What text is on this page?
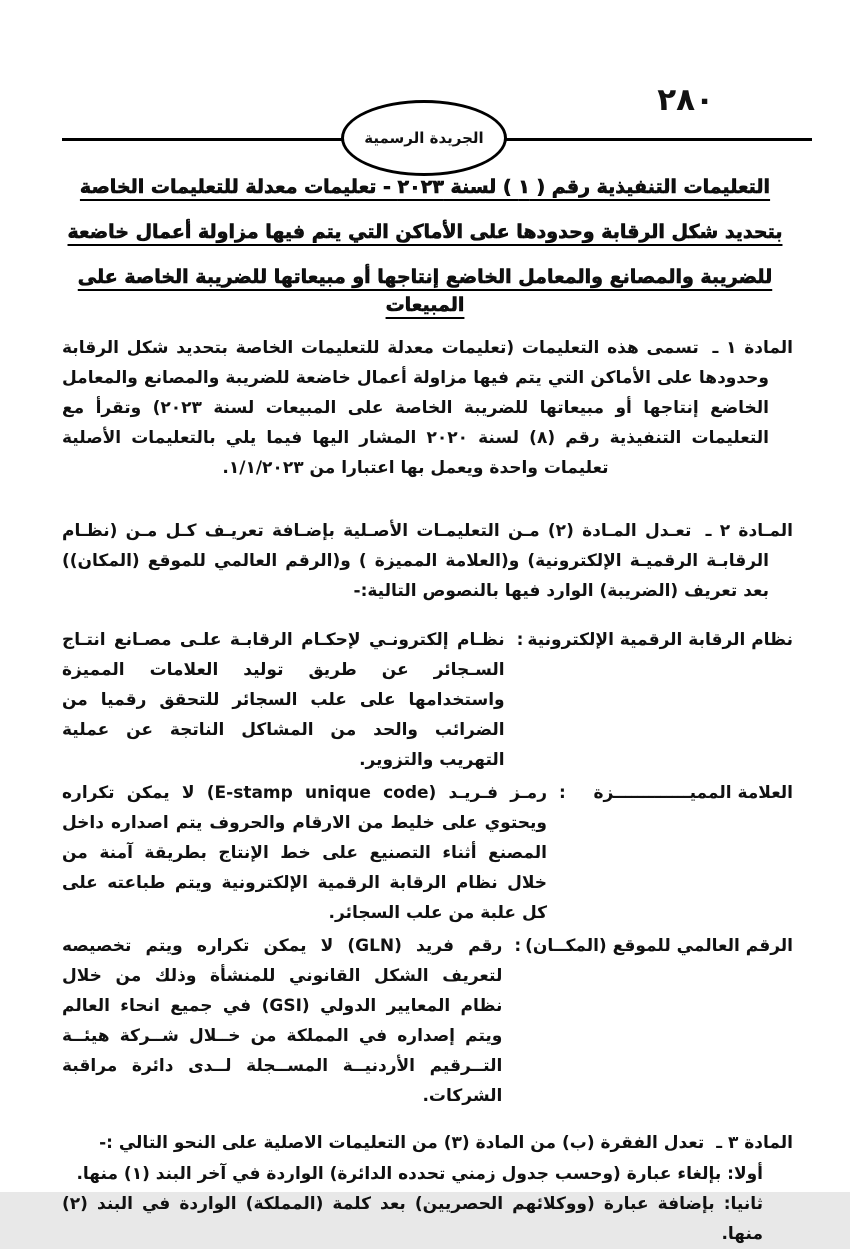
٢٨٠
الجريدة الرسمية
التعليمات التنفيذية رقم ( ١ ) لسنة ٢٠٢٣ - تعليمات معدلة للتعليمات الخاصة
بتحديد شكل الرقابة وحدودها على الأماكن التي يتم فيها مزاولة أعمال خاضعة
للضريبة والمصانع والمعامل الخاضع إنتاجها أو مبيعاتها للضريبة الخاصة على المبيعات

المادة ١ ـ تسمى هذه التعليمات (تعليمات معدلة للتعليمات الخاصة بتحديد شكل الرقابة وحدودها على الأماكن التي يتم فيها مزاولة أعمال خاضعة للضريبة والمصانع والمعامل الخاضع إنتاجها أو مبيعاتها للضريبة الخاصة على المبيعات لسنة ٢٠٢٣) وتقرأ مع التعليمات التنفيذية رقم (٨) لسنة ٢٠٢٠ المشار اليها فيما يلي بالتعليمات الأصلية تعليمات واحدة ويعمل بها اعتبارا من ١/١/٢٠٢٣.

المـادة ٢ ـ تعـدل المـادة (٢) مـن التعليمـات الأصـلية بإضـافة تعريـف كـل مـن (نظـام الرقابـة الرقميـة الإلكترونية) و(العلامة المميزة ) و(الرقم العالمي للموقع (المكان)) بعد تعريف (الضريبة) الوارد فيها بالنصوص التالية:-

نظام الرقابة الرقمية الإلكترونية
:
نظـام إلكترونـي لإحكـام الرقابـة علـى مصـانع انتـاج السـجائر عن طريق توليد العلامات المميزة واستخدامها على علب السجائر للتحقق رقميا من الضرائب والحد من المشاكل الناتجة عن عملية التهريب والتزوير.
العلامة المميـــــــــــــزة
:
رمـز فـريـد (E-stamp unique code) لا يمكن تكراره ويحتوي على خليط من الارقام والحروف يتم اصداره داخل المصنع أثناء التصنيع على خط الإنتاج بطريقة آمنة من خلال نظام الرقابة الرقمية الإلكترونية ويتم طباعته على كل علبة من علب السجائر.
الرقم العالمي للموقع (المكــان)
:
رقم فريد (GLN) لا يمكن تكراره ويتم تخصيصه لتعريف الشكل القانوني للمنشأة وذلك من خلال نظام المعايير الدولي (GSI) في جميع انحاء العالم ويتم إصداره في المملكة من خــلال شــركة هيئــة التــرقيم الأردنيــة المســجلة لــدى دائرة مراقبة الشركات.

المادة ٣ ـ تعدل الفقرة (ب) من المادة (٣) من التعليمات الاصلية على النحو التالي :-

أولا: بإلغاء عبارة (وحسب جدول زمني تحدده الدائرة) الواردة في آخر البند (١) منها.

ثانيا: بإضافة عبارة (ووكلائهم الحصريين) بعد كلمة (المملكة) الواردة في البند (٢) منها.
